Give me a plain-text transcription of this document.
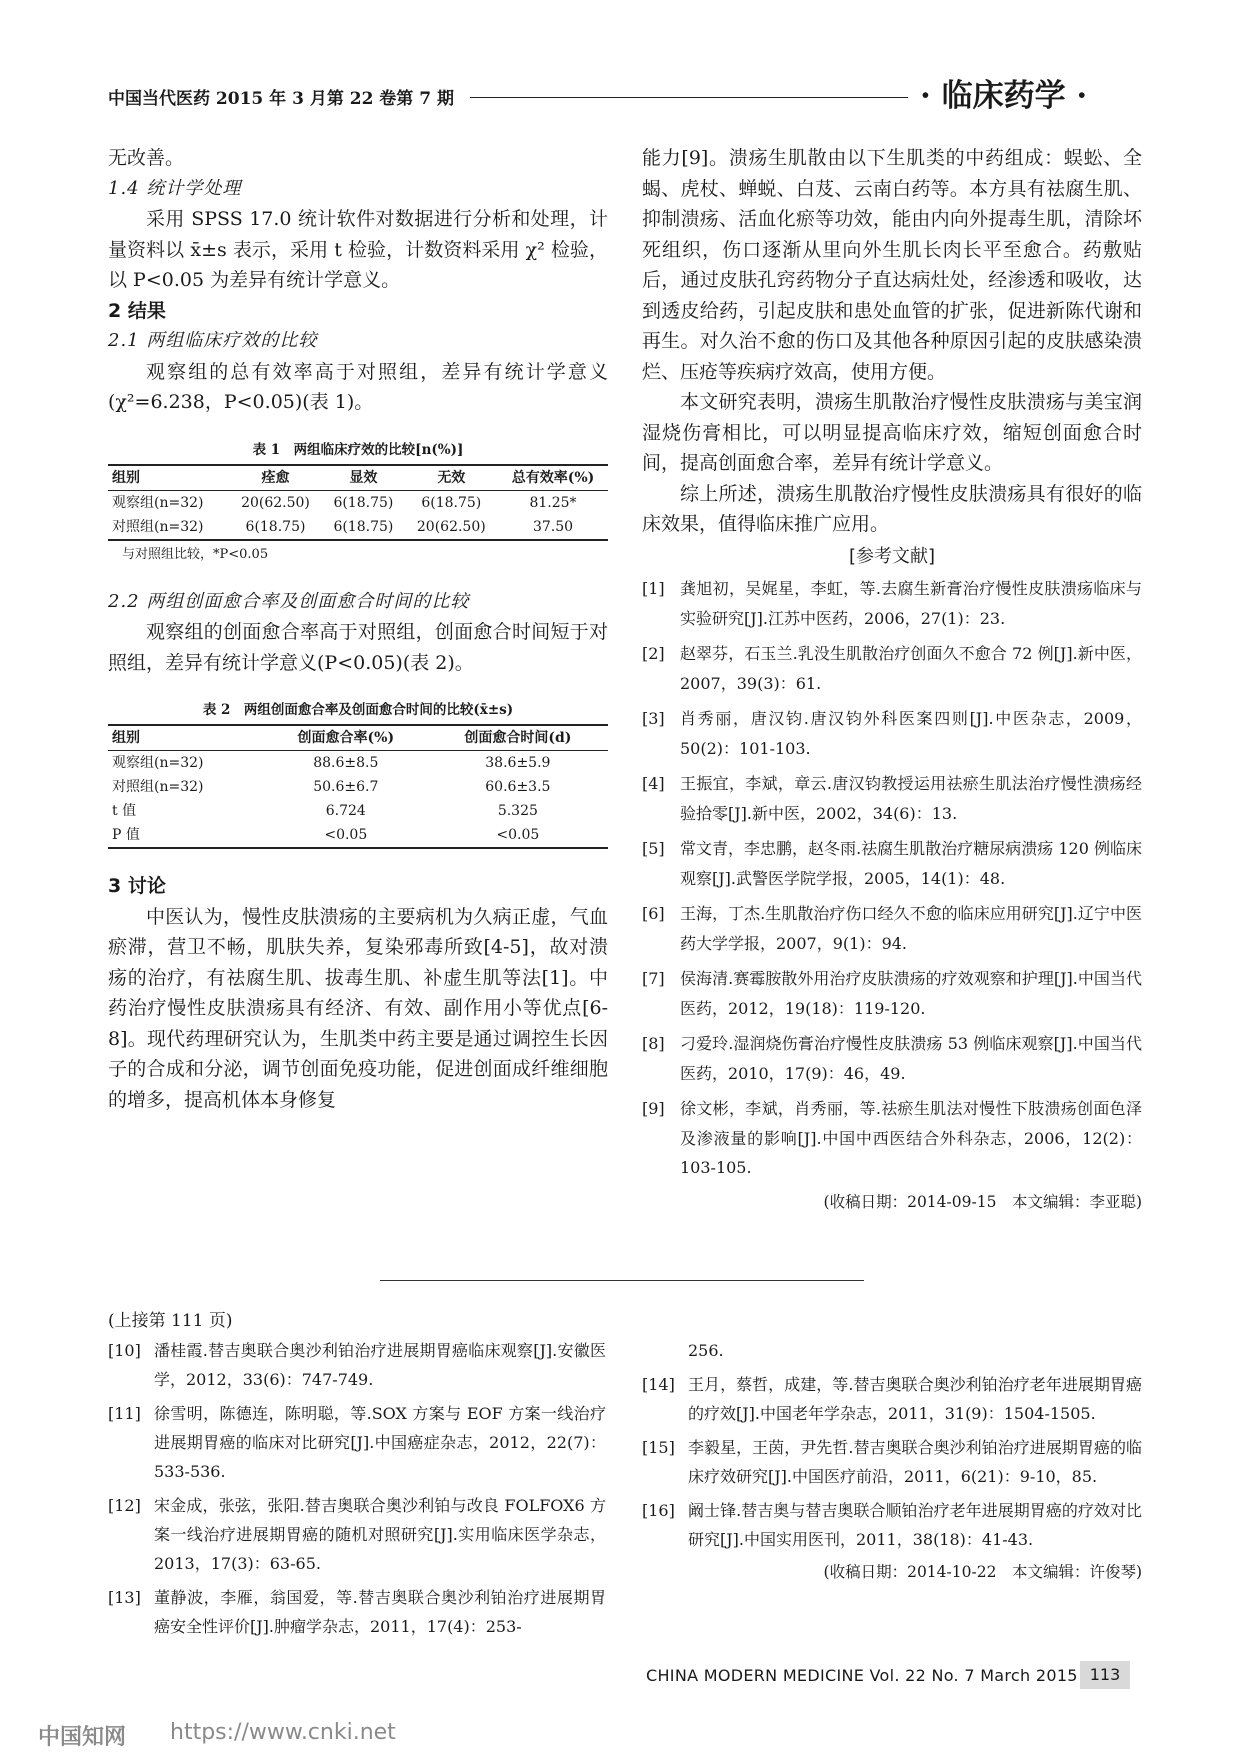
中国当代医药 2015 年 3 月第 22 卷第 7 期	· 临床药学 ·

无改善。

1.4 统计学处理

采用 SPSS 17.0 统计软件对数据进行分析和处理，计量资料以 x̄±s 表示，采用 t 检验，计数资料采用 χ² 检验，以 P<0.05 为差异有统计学意义。

2 结果

2.1 两组临床疗效的比较

观察组的总有效率高于对照组，差异有统计学意义(χ²=6.238，P<0.05)(表 1)。

表 1　两组临床疗效的比较[n(%)]
组别	痊愈	显效	无效	总有效率(%)
观察组(n=32)	20(62.50)	6(18.75)	6(18.75)	81.25*
对照组(n=32)	6(18.75)	6(18.75)	20(62.50)	37.50
与对照组比较，*P<0.05

2.2 两组创面愈合率及创面愈合时间的比较

观察组的创面愈合率高于对照组，创面愈合时间短于对照组，差异有统计学意义(P<0.05)(表 2)。

表 2　两组创面愈合率及创面愈合时间的比较(x̄±s)
组别	创面愈合率(%)	创面愈合时间(d)
观察组(n=32)	88.6±8.5	38.6±5.9
对照组(n=32)	50.6±6.7	60.6±3.5
t 值	6.724	5.325
P 值	<0.05	<0.05

3 讨论

中医认为，慢性皮肤溃疡的主要病机为久病正虚，气血瘀滞，营卫不畅，肌肤失养，复染邪毒所致[4-5]，故对溃疡的治疗，有祛腐生肌、拔毒生肌、补虚生肌等法[1]。中药治疗慢性皮肤溃疡具有经济、有效、副作用小等优点[6-8]。现代药理研究认为，生肌类中药主要是通过调控生长因子的合成和分泌，调节创面免疫功能，促进创面成纤维细胞的增多，提高机体本身修复

能力[9]。溃疡生肌散由以下生肌类的中药组成：蜈蚣、全蝎、虎杖、蝉蜕、白芨、云南白药等。本方具有祛腐生肌、抑制溃疡、活血化瘀等功效，能由内向外提毒生肌，清除坏死组织，伤口逐渐从里向外生肌长肉长平至愈合。药敷贴后，通过皮肤孔窍药物分子直达病灶处，经渗透和吸收，达到透皮给药，引起皮肤和患处血管的扩张，促进新陈代谢和再生。对久治不愈的伤口及其他各种原因引起的皮肤感染溃烂、压疮等疾病疗效高，使用方便。

本文研究表明，溃疡生肌散治疗慢性皮肤溃疡与美宝润湿烧伤膏相比，可以明显提高临床疗效，缩短创面愈合时间，提高创面愈合率，差异有统计学意义。

综上所述，溃疡生肌散治疗慢性皮肤溃疡具有很好的临床效果，值得临床推广应用。

[参考文献]
[1] 龚旭初，吴娓星，李虹，等.去腐生新膏治疗慢性皮肤溃疡临床与实验研究[J].江苏中医药，2006，27(1)：23.
[2] 赵翠芬，石玉兰.乳没生肌散治疗创面久不愈合 72 例[J].新中医，2007，39(3)：61.
[3] 肖秀丽，唐汉钧.唐汉钧外科医案四则[J].中医杂志，2009，50(2)：101-103.
[4] 王振宜，李斌，章云.唐汉钧教授运用祛瘀生肌法治疗慢性溃疡经验拾零[J].新中医，2002，34(6)：13.
[5] 常文青，李忠鹏，赵冬雨.祛腐生肌散治疗糖尿病溃疡 120 例临床观察[J].武警医学院学报，2005，14(1)：48.
[6] 王海，丁杰.生肌散治疗伤口经久不愈的临床应用研究[J].辽宁中医药大学学报，2007，9(1)：94.
[7] 侯海清.赛霉胺散外用治疗皮肤溃疡的疗效观察和护理[J].中国当代医药，2012，19(18)：119-120.
[8] 刁爱玲.湿润烧伤膏治疗慢性皮肤溃疡 53 例临床观察[J].中国当代医药，2010，17(9)：46，49.
[9] 徐文彬，李斌，肖秀丽，等.祛瘀生肌法对慢性下肢溃疡创面色泽及渗液量的影响[J].中国中西医结合外科杂志，2006，12(2)：103-105.
(收稿日期：2014-09-15　本文编辑：李亚聪)
(上接第 111 页)
[10] 潘桂霞.替吉奥联合奥沙利铂治疗进展期胃癌临床观察[J].安徽医学，2012，33(6)：747-749.
[11] 徐雪明，陈德连，陈明聪，等.SOX 方案与 EOF 方案一线治疗进展期胃癌的临床对比研究[J].中国癌症杂志，2012，22(7)：533-536.
[12] 宋金成，张弦，张阳.替吉奥联合奥沙利铂与改良 FOLFOX6 方案一线治疗进展期胃癌的随机对照研究[J].实用临床医学杂志，2013，17(3)：63-65.
[13] 董静波，李雁，翁国爱，等.替吉奥联合奥沙利铂治疗进展期胃癌安全性评价[J].肿瘤学杂志，2011，17(4)：253-
256.
[14] 王月，蔡哲，成建，等.替吉奥联合奥沙利铂治疗老年进展期胃癌的疗效[J].中国老年学杂志，2011，31(9)：1504-1505.
[15] 李毅星，王茵，尹先哲.替吉奥联合奥沙利铂治疗进展期胃癌的临床疗效研究[J].中国医疗前沿，2011，6(21)：9-10，85.
[16] 阚士锋.替吉奥与替吉奥联合顺铂治疗老年进展期胃癌的疗效对比研究[J].中国实用医刊，2011，38(18)：41-43.
(收稿日期：2014-10-22　本文编辑：许俊琴)
CHINA MODERN MEDICINE Vol. 22 No. 7 March 2015 113
中国知网 https://www.cnki.net
